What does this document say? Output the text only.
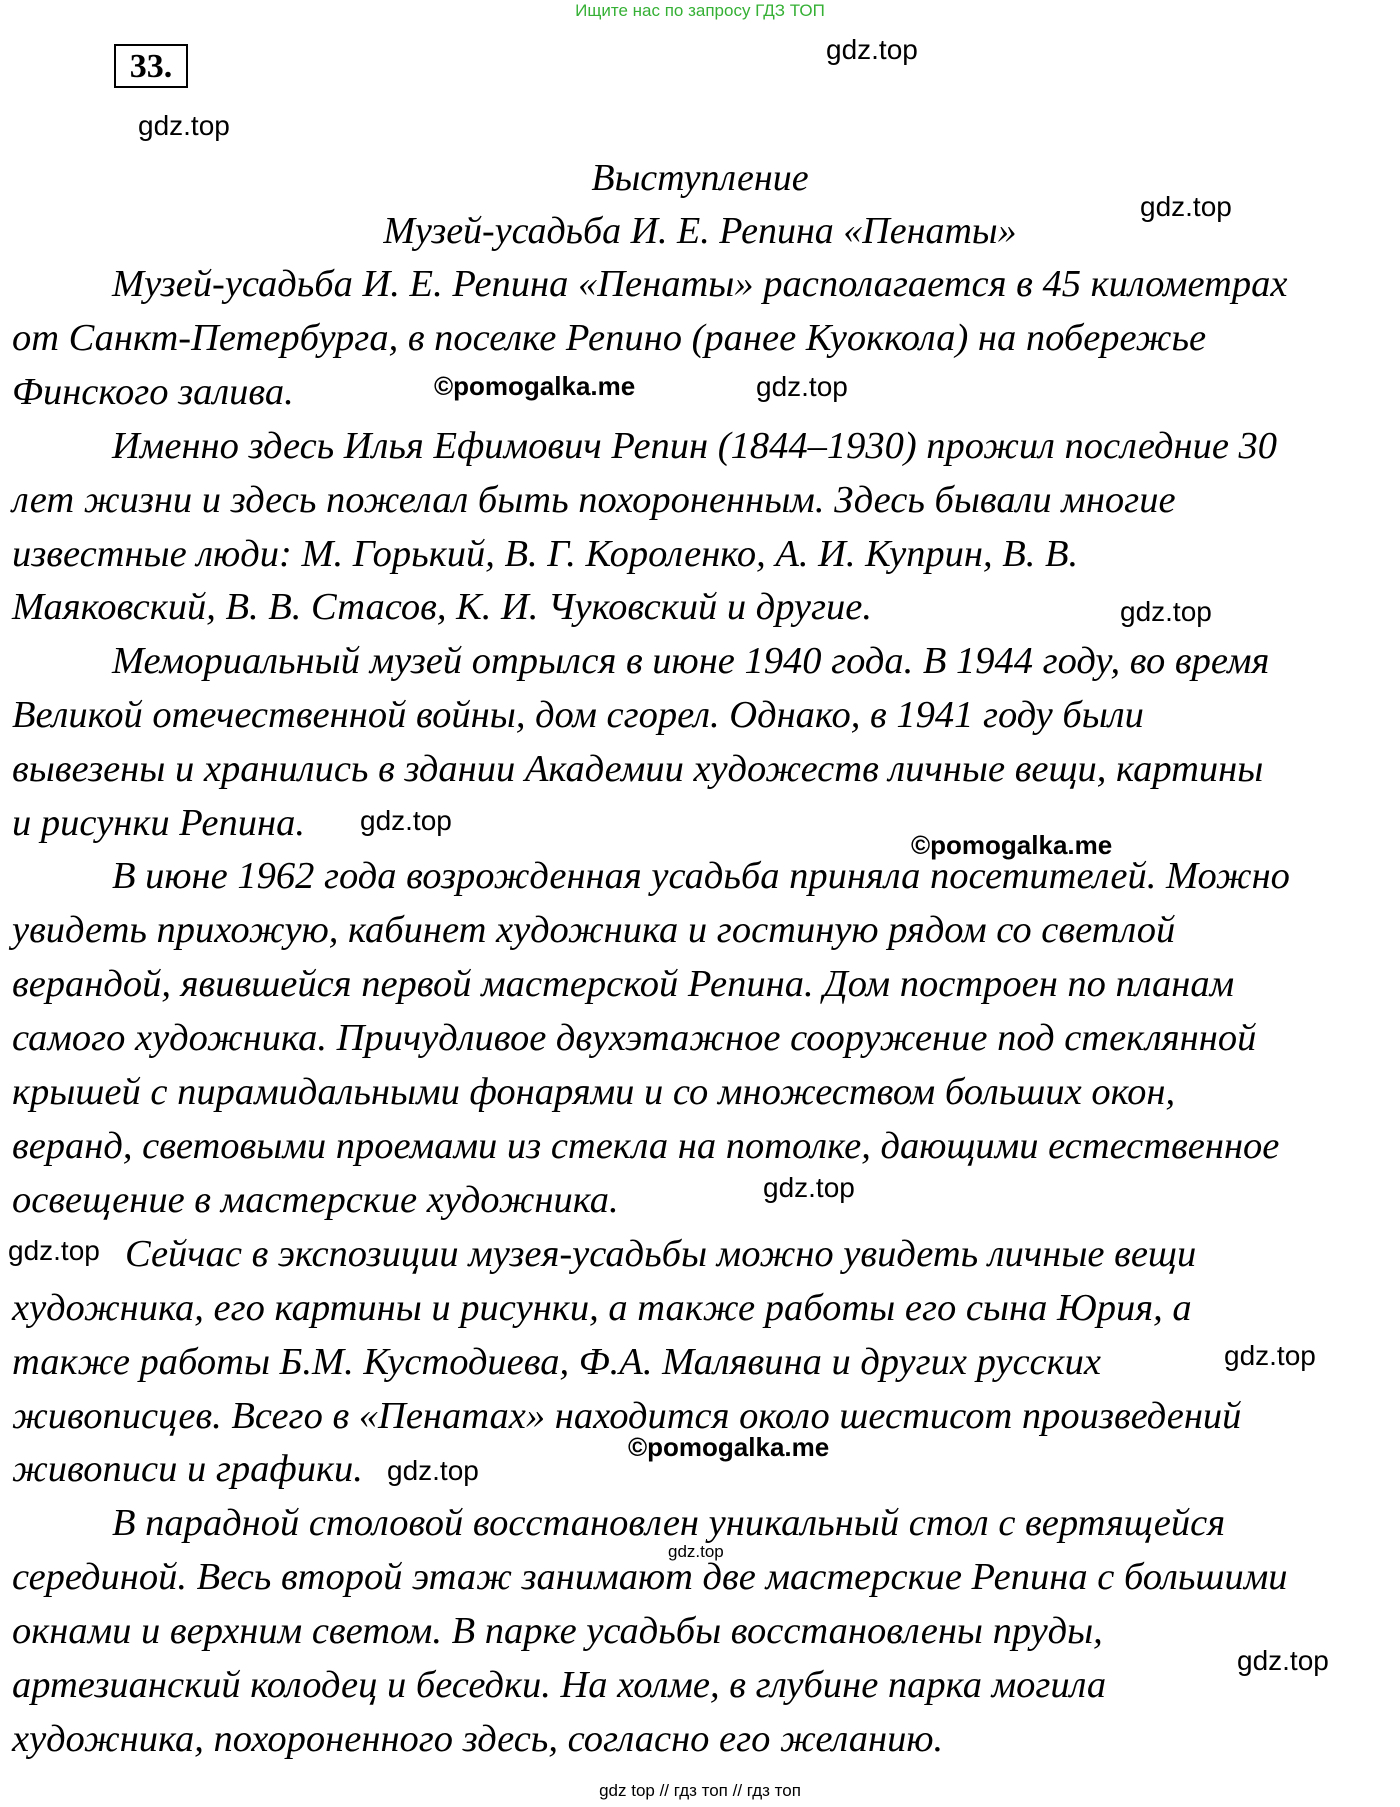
Ищите нас по запросу ГДЗ ТОП
33.	gdz.top
gdz.top
gdz.top
©pomogalka.me	gdz.top
gdz.top
gdz.top
©pomogalka.me
gdz.top
gdz.top
gdz.top
©pomogalka.me
gdz.top
gdz.top
gdz.top
Выступление
Музей-усадьба И. Е. Репина «Пенаты»
Музей-усадьба И. Е. Репина «Пенаты» располагается в 45 километрах
от Санкт-Петербурга, в поселке Репино (ранее Куоккола) на побережье
Финского залива.
Именно здесь Илья Ефимович Репин (1844–1930) прожил последние 30
лет жизни и здесь пожелал быть похороненным. Здесь бывали многие
известные люди: М. Горький, В. Г. Короленко, А. И. Куприн, В. В.
Маяковский, В. В. Стасов, К. И. Чуковский и другие.
Мемориальный музей отрылся в июне 1940 года. В 1944 году, во время
Великой отечественной войны, дом сгорел. Однако, в 1941 году были
вывезены и хранились в здании Академии художеств личные вещи, картины
и рисунки Репина.
В июне 1962 года возрожденная усадьба приняла посетителей. Можно
увидеть прихожую, кабинет художника и гостиную рядом со светлой
верандой, явившейся первой мастерской Репина. Дом построен по планам
самого художника. Причудливое двухэтажное сооружение под стеклянной
крышей с пирамидальными фонарями и со множеством больших окон,
веранд, световыми проемами из стекла на потолке, дающими естественное
освещение в мастерские художника.
Сейчас в экспозиции музея-усадьбы можно увидеть личные вещи
художника, его картины и рисунки, а также работы его сына Юрия, а
также работы Б.М. Кустодиева, Ф.А. Малявина и других русских
живописцев. Всего в «Пенатах» находится около шестисот произведений
живописи и графики.
В парадной столовой восстановлен уникальный стол с вертящейся
серединой. Весь второй этаж занимают две мастерские Репина с большими
окнами и верхним светом. В парке усадьбы восстановлены пруды,
артезианский колодец и беседки. На холме, в глубине парка могила
художника, похороненного здесь, согласно его желанию.
gdz top // гдз топ // гдз топ
